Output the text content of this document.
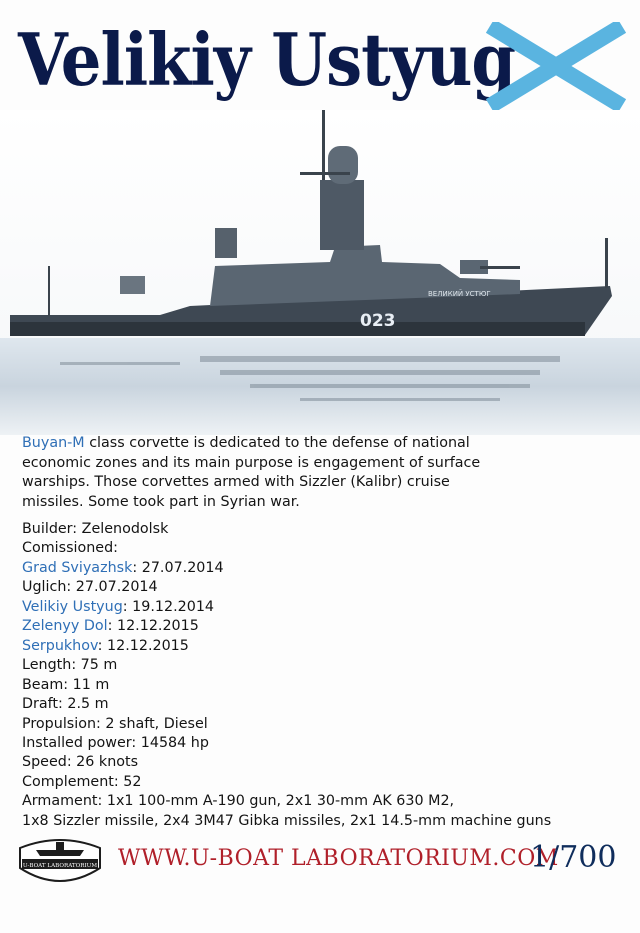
Velikiy Ustyug
023
ВЕЛИКИЙ УСТЮГ
Buyan-M class corvette is dedicated to the defense of national
economic zones and its main purpose is engagement of surface
warships. Those corvettes armed with Sizzler (Kalibr) cruise
missiles. Some took part in Syrian war.
Builder: Zelenodolsk
Comissioned:
Grad Sviyazhsk: 27.07.2014
Uglich: 27.07.2014
Velikiy Ustyug: 19.12.2014
Zelenyy Dol: 12.12.2015
Serpukhov: 12.12.2015
Length: 75 m
Beam: 11 m
Draft: 2.5 m
Propulsion: 2 shaft, Diesel
Installed power: 14584 hp
Speed: 26 knots
Complement: 52
Armament: 1x1 100-mm A-190 gun, 2x1 30-mm AK 630 M2,
1x8 Sizzler missile, 2x4 3M47 Gibka missiles, 2x1 14.5-mm machine guns
U-BOAT LABORATORIUM WWW.U-BOAT LABORATORIUM.COM
1/700
